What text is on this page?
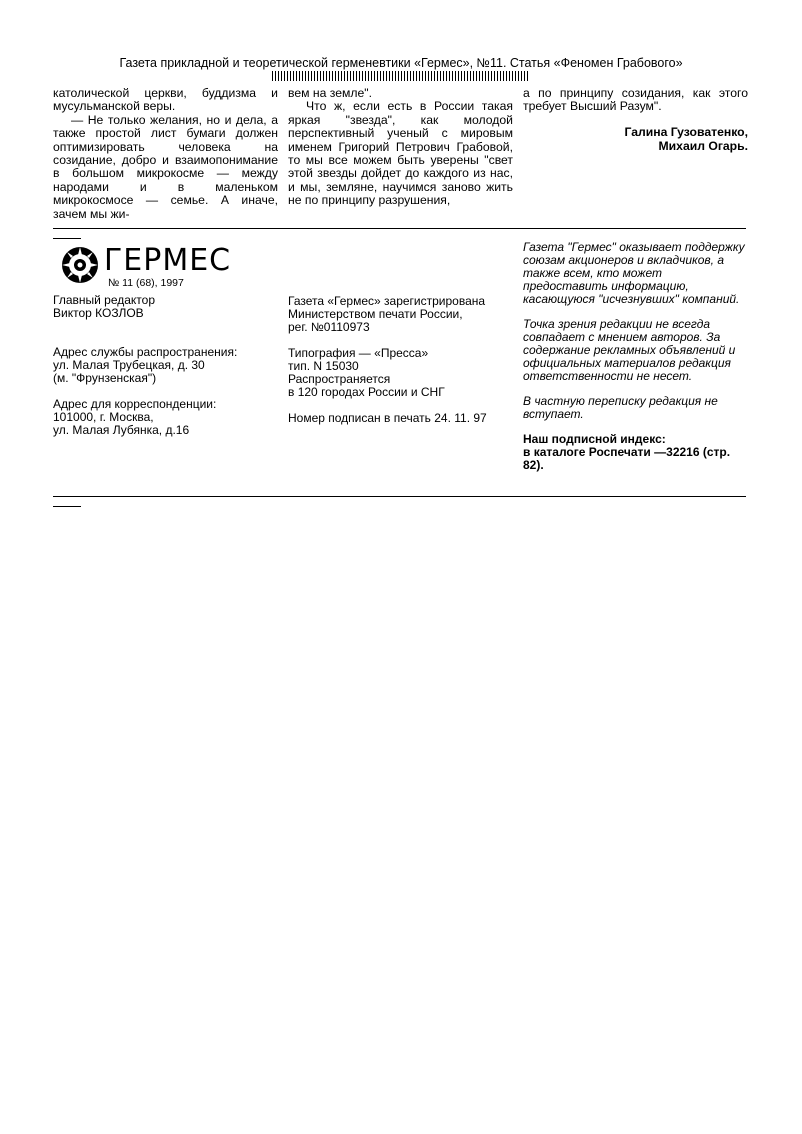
Газета прикладной и теоретической герменевтики «Гермес», №11. Статья «Феномен Грабового»

католической церкви, буддизма и мусульманской веры.

— Не только желания, но и дела, а также простой лист бумаги должен оптимизировать человека на созидание, добро и взаимопонимание в большом микрокосме — между народами и в маленьком микрокосмосе — семье. А иначе, зачем мы жи-

вем на земле".

Что ж, если есть в России такая яркая "звезда", как молодой перспективный ученый с мировым именем Григорий Петрович Грабовой, то мы все можем быть уверены "свет этой звезды дойдет до каждого из нас, и мы, земляне, научимся заново жить не по принципу разрушения,

а по принципу созидания, как этого требует Высший Разум".

Галина Гузоватенко,
Михаил Огарь.
ГЕРМЕС
№ 11 (68), 1997

Главный редактор
Виктор КОЗЛОВ

Адрес службы распространения:
ул. Малая Трубецкая, д. 30
(м. "Фрунзенская")

Адрес для корреспонденции:
101000, г. Москва,
ул. Малая Лубянка, д.16

Газета «Гермес» зарегистрирована
Министерством печати России,
рег. №0110973

Типография — «Пресса»
тип. N 15030
Распространяется
в 120 городах России и СНГ

Номер подписан в печать 24. 11. 97

Газета "Гермес" оказывает поддержку союзам акционеров и вкладчиков, а также всем, кто может предоставить информацию, касающуюся "исчезнувших" компаний.

Точка зрения редакции не всегда совпадает с мнением авторов. За содержание рекламных объявлений и официальных материалов редакция ответственности не несет.

В частную переписку редакция не вступает.

Наш подписной индекс:
в каталоге Роспечати —32216 (стр. 82).
